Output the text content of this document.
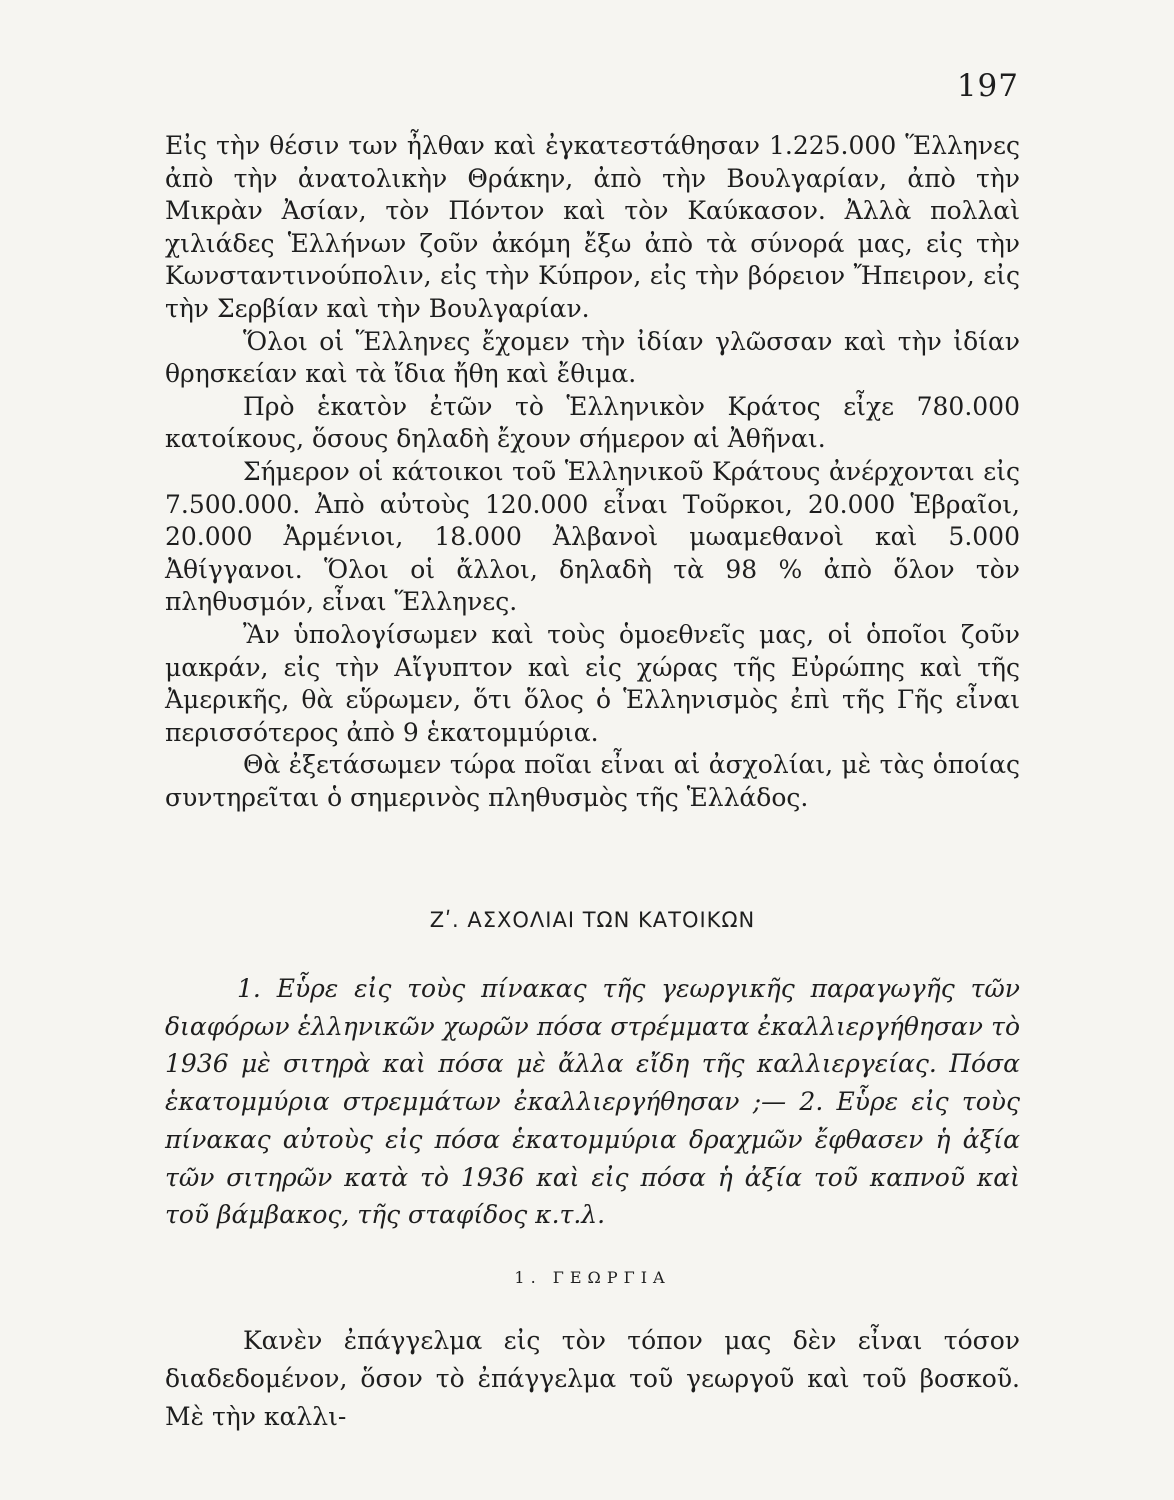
197

Εἰς τὴν θέσιν των ἦλθαν καὶ ἐγκατεστάθησαν 1.225.000 Ἕλληνες ἀπὸ τὴν ἀνατολικὴν Θράκην, ἀπὸ τὴν Βουλγαρίαν, ἀπὸ τὴν Μικρὰν Ἀσίαν, τὸν Πόντον καὶ τὸν Καύκασον. Ἀλλὰ πολλαὶ χιλιάδες Ἑλλήνων ζοῦν ἀκόμη ἔξω ἀπὸ τὰ σύνορά μας, εἰς τὴν Κωνσταντινούπολιν, εἰς τὴν Κύπρον, εἰς τὴν βόρειον Ἤπειρον, εἰς τὴν Σερβίαν καὶ τὴν Βουλγαρίαν.

Ὅλοι οἱ Ἕλληνες ἔχομεν τὴν ἰδίαν γλῶσσαν καὶ τὴν ἰδίαν θρησκείαν καὶ τὰ ἴδια ἤθη καὶ ἔθιμα.

Πρὸ ἑκατὸν ἐτῶν τὸ Ἑλληνικὸν Κράτος εἶχε 780.000 κατοίκους, ὅσους δηλαδὴ ἔχουν σήμερον αἱ Ἀθῆναι.

Σήμερον οἱ κάτοικοι τοῦ Ἑλληνικοῦ Κράτους ἀνέρχονται εἰς 7.500.000. Ἀπὸ αὐτοὺς 120.000 εἶναι Τοῦρκοι, 20.000 Ἑβραῖοι, 20.000 Ἀρμένιοι, 18.000 Ἀλβανοὶ μωαμεθανοὶ καὶ 5.000 Ἀθίγγανοι. Ὅλοι οἱ ἄλλοι, δηλαδὴ τὰ 98 % ἀπὸ ὅλον τὸν πληθυσμόν, εἶναι Ἕλληνες.

Ἂν ὑπολογίσωμεν καὶ τοὺς ὁμοεθνεῖς μας, οἱ ὁποῖοι ζοῦν μακράν, εἰς τὴν Αἴγυπτον καὶ εἰς χώρας τῆς Εὐρώπης καὶ τῆς Ἀμερικῆς, θὰ εὕρωμεν, ὅτι ὅλος ὁ Ἑλληνισμὸς ἐπὶ τῆς Γῆς εἶναι περισσότερος ἀπὸ 9 ἑκατομμύρια.

Θὰ ἐξετάσωμεν τώρα ποῖαι εἶναι αἱ ἀσχολίαι, μὲ τὰς ὁποίας συντηρεῖται ὁ σημερινὸς πληθυσμὸς τῆς Ἑλλάδος.

Ζʹ. ΑΣΧΟΛΙΑΙ ΤΩΝ ΚΑΤΟΙΚΩΝ

1. Εὗρε εἰς τοὺς πίνακας τῆς γεωργικῆς παραγωγῆς τῶν διαφόρων ἑλληνικῶν χωρῶν πόσα στρέμματα ἐκαλλιεργήθησαν τὸ 1936 μὲ σιτηρὰ καὶ πόσα μὲ ἄλλα εἴδη τῆς καλλιεργείας. Πόσα ἑκατομμύρια στρεμμάτων ἐκαλλιεργήθησαν ;— 2. Εὗρε εἰς τοὺς πίνακας αὐτοὺς εἰς πόσα ἑκατομμύρια δραχμῶν ἔφθασεν ἡ ἀξία τῶν σιτηρῶν κατὰ τὸ 1936 καὶ εἰς πόσα ἡ ἀξία τοῦ καπνοῦ καὶ τοῦ βάμβακος, τῆς σταφίδος κ.τ.λ.

1. ΓΕΩΡΓΙΑ

Κανὲν ἐπάγγελμα εἰς τὸν τόπον μας δὲν εἶναι τόσον διαδεδομένον, ὅσον τὸ ἐπάγγελμα τοῦ γεωργοῦ καὶ τοῦ βοσκοῦ. Μὲ τὴν καλλι-
